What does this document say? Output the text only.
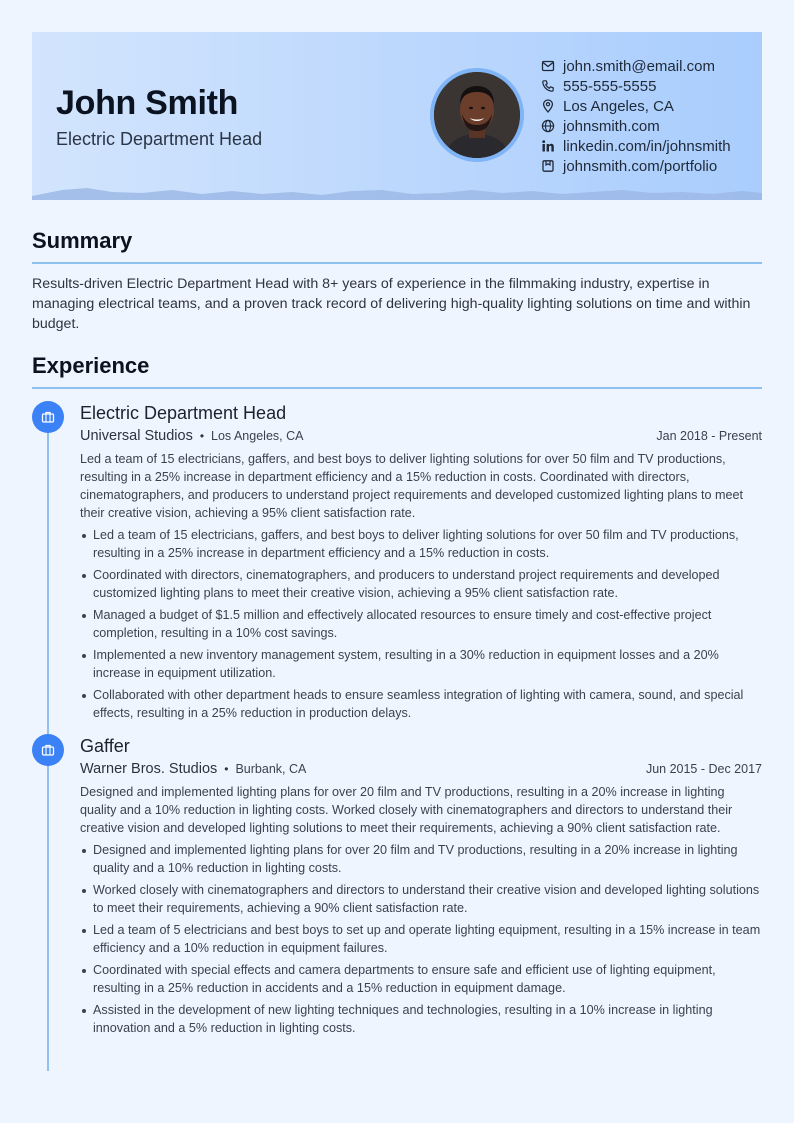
John Smith
Electric Department Head
john.smith@email.com
555-555-5555
Los Angeles, CA
johnsmith.com
linkedin.com/in/johnsmith
johnsmith.com/portfolio
Summary

Results-driven Electric Department Head with 8+ years of experience in the filmmaking industry, expertise in managing electrical teams, and a proven track record of delivering high-quality lighting solutions on time and within budget.

Experience
Electric Department Head
Universal Studios • Los Angeles, CA	Jan 2018 - Present

Led a team of 15 electricians, gaffers, and best boys to deliver lighting solutions for over 50 film and TV productions, resulting in a 25% increase in department efficiency and a 15% reduction in costs. Coordinated with directors, cinematographers, and producers to understand project requirements and developed customized lighting plans to meet their creative vision, achieving a 95% client satisfaction rate.

Led a team of 15 electricians, gaffers, and best boys to deliver lighting solutions for over 50 film and TV productions, resulting in a 25% increase in department efficiency and a 15% reduction in costs.
Coordinated with directors, cinematographers, and producers to understand project requirements and developed customized lighting plans to meet their creative vision, achieving a 95% client satisfaction rate.
Managed a budget of $1.5 million and effectively allocated resources to ensure timely and cost-effective project completion, resulting in a 10% cost savings.
Implemented a new inventory management system, resulting in a 30% reduction in equipment losses and a 20% increase in equipment utilization.
Collaborated with other department heads to ensure seamless integration of lighting with camera, sound, and special effects, resulting in a 25% reduction in production delays.
Gaffer
Warner Bros. Studios • Burbank, CA	Jun 2015 - Dec 2017

Designed and implemented lighting plans for over 20 film and TV productions, resulting in a 20% increase in lighting quality and a 10% reduction in lighting costs. Worked closely with cinematographers and directors to understand their creative vision and developed lighting solutions to meet their requirements, achieving a 90% client satisfaction rate.

Designed and implemented lighting plans for over 20 film and TV productions, resulting in a 20% increase in lighting quality and a 10% reduction in lighting costs.
Worked closely with cinematographers and directors to understand their creative vision and developed lighting solutions to meet their requirements, achieving a 90% client satisfaction rate.
Led a team of 5 electricians and best boys to set up and operate lighting equipment, resulting in a 15% increase in team efficiency and a 10% reduction in equipment failures.
Coordinated with special effects and camera departments to ensure safe and efficient use of lighting equipment, resulting in a 25% reduction in accidents and a 15% reduction in equipment damage.
Assisted in the development of new lighting techniques and technologies, resulting in a 10% increase in lighting innovation and a 5% reduction in lighting costs.
